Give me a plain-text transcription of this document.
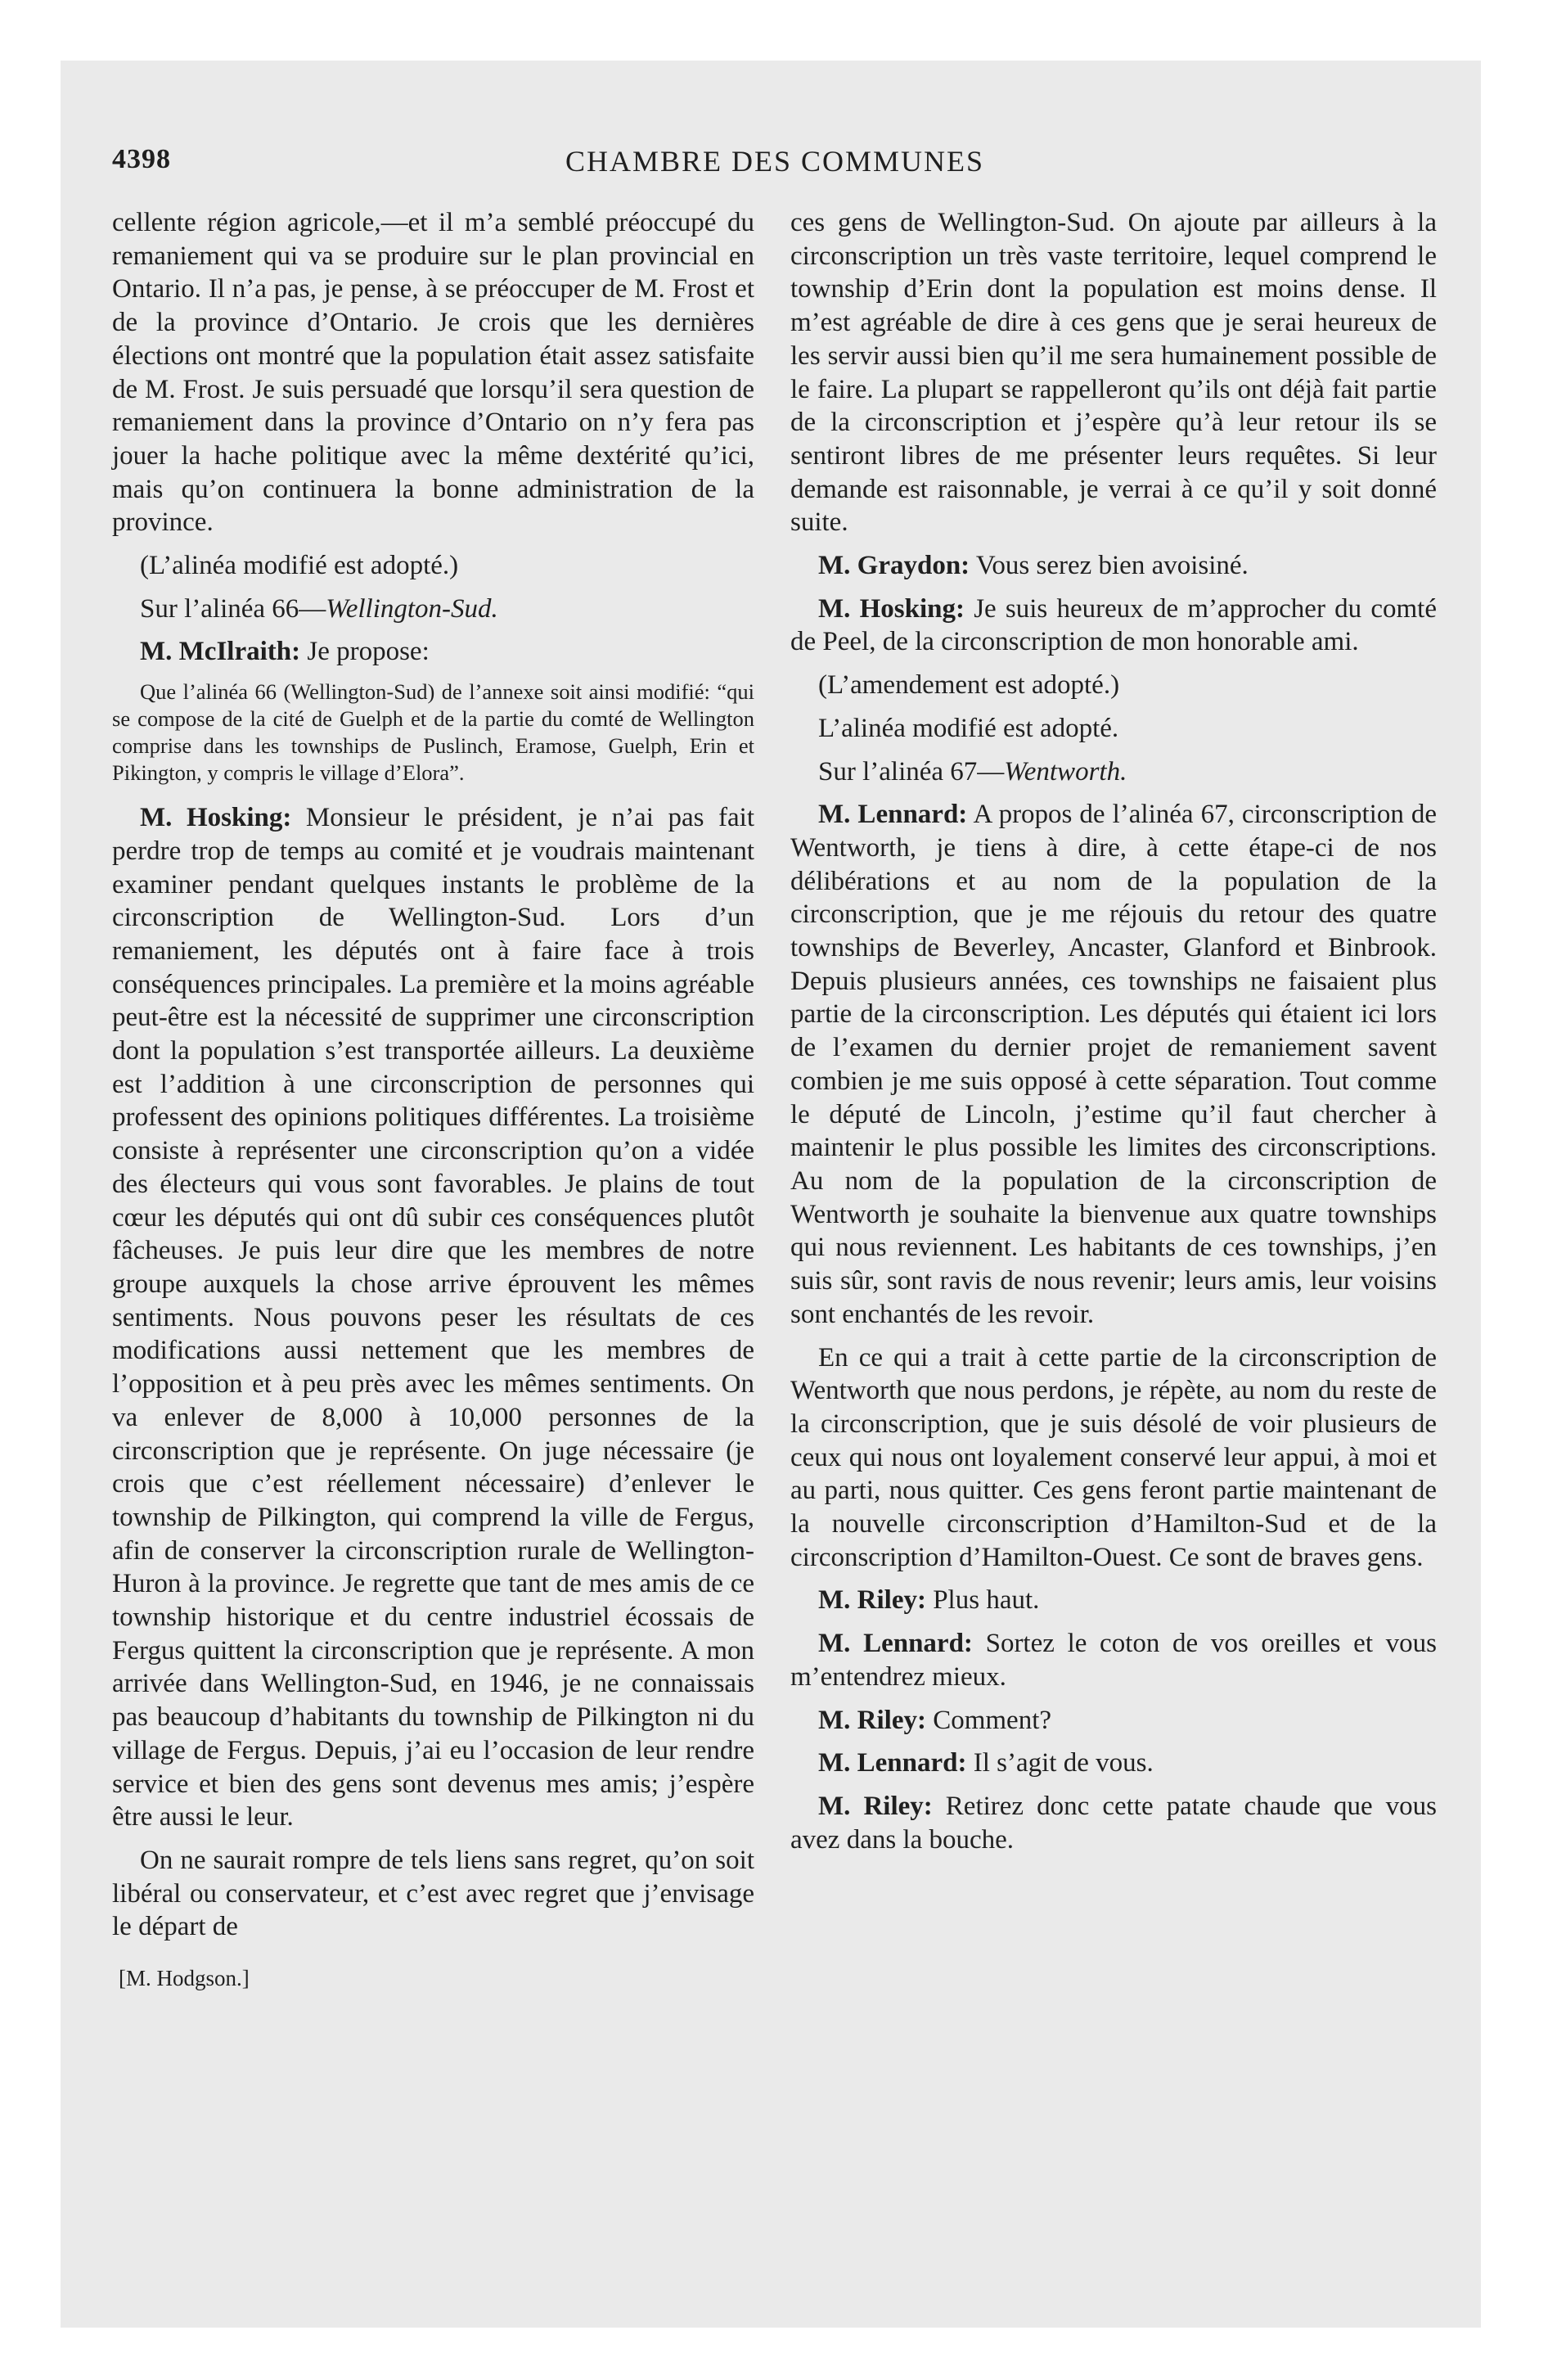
CHAMBRE DES COMMUNES
4398

cellente région agricole,—et il m’a semblé préoccupé du remaniement qui va se produire sur le plan provincial en Ontario. Il n’a pas, je pense, à se préoccuper de M. Frost et de la province d’Ontario. Je crois que les dernières élections ont montré que la population était assez satisfaite de M. Frost. Je suis persuadé que lorsqu’il sera question de remaniement dans la province d’Ontario on n’y fera pas jouer la hache politique avec la même dextérité qu’ici, mais qu’on continuera la bonne administration de la province.

(L’alinéa modifié est adopté.)

Sur l’alinéa 66—Wellington-Sud.

M. McIlraith: Je propose:

Que l’alinéa 66 (Wellington-Sud) de l’annexe soit ainsi modifié: “qui se compose de la cité de Guelph et de la partie du comté de Wellington comprise dans les townships de Puslinch, Eramose, Guelph, Erin et Pikington, y compris le village d’Elora”.

M. Hosking: Monsieur le président, je n’ai pas fait perdre trop de temps au comité et je voudrais maintenant examiner pendant quelques instants le problème de la circonscription de Wellington-Sud. Lors d’un remaniement, les députés ont à faire face à trois conséquences principales. La première et la moins agréable peut-être est la nécessité de supprimer une circonscription dont la population s’est transportée ailleurs. La deuxième est l’addition à une circonscription de personnes qui professent des opinions politiques différentes. La troisième consiste à représenter une circonscription qu’on a vidée des électeurs qui vous sont favorables. Je plains de tout cœur les députés qui ont dû subir ces conséquences plutôt fâcheuses. Je puis leur dire que les membres de notre groupe auxquels la chose arrive éprouvent les mêmes sentiments. Nous pouvons peser les résultats de ces modifications aussi nettement que les membres de l’opposition et à peu près avec les mêmes sentiments. On va enlever de 8,000 à 10,000 personnes de la circonscription que je représente. On juge nécessaire (je crois que c’est réellement nécessaire) d’enlever le township de Pilkington, qui comprend la ville de Fergus, afin de conserver la circonscription rurale de Wellington-Huron à la province. Je regrette que tant de mes amis de ce township historique et du centre industriel écossais de Fergus quittent la circonscription que je représente. A mon arrivée dans Wellington-Sud, en 1946, je ne connaissais pas beaucoup d’habitants du township de Pilkington ni du village de Fergus. Depuis, j’ai eu l’occasion de leur rendre service et bien des gens sont devenus mes amis; j’espère être aussi le leur.

On ne saurait rompre de tels liens sans regret, qu’on soit libéral ou conservateur, et c’est avec regret que j’envisage le départ de

[M. Hodgson.]

ces gens de Wellington-Sud. On ajoute par ailleurs à la circonscription un très vaste territoire, lequel comprend le township d’Erin dont la population est moins dense. Il m’est agréable de dire à ces gens que je serai heureux de les servir aussi bien qu’il me sera humainement possible de le faire. La plupart se rappelleront qu’ils ont déjà fait partie de la circonscription et j’espère qu’à leur retour ils se sentiront libres de me présenter leurs requêtes. Si leur demande est raisonnable, je verrai à ce qu’il y soit donné suite.

M. Graydon: Vous serez bien avoisiné.

M. Hosking: Je suis heureux de m’approcher du comté de Peel, de la circonscription de mon honorable ami.

(L’amendement est adopté.)

L’alinéa modifié est adopté.

Sur l’alinéa 67—Wentworth.

M. Lennard: A propos de l’alinéa 67, circonscription de Wentworth, je tiens à dire, à cette étape-ci de nos délibérations et au nom de la population de la circonscription, que je me réjouis du retour des quatre townships de Beverley, Ancaster, Glanford et Binbrook. Depuis plusieurs années, ces townships ne faisaient plus partie de la circonscription. Les députés qui étaient ici lors de l’examen du dernier projet de remaniement savent combien je me suis opposé à cette séparation. Tout comme le député de Lincoln, j’estime qu’il faut chercher à maintenir le plus possible les limites des circonscriptions. Au nom de la population de la circonscription de Wentworth je souhaite la bienvenue aux quatre townships qui nous reviennent. Les habitants de ces townships, j’en suis sûr, sont ravis de nous revenir; leurs amis, leur voisins sont enchantés de les revoir.

En ce qui a trait à cette partie de la circonscription de Wentworth que nous perdons, je répète, au nom du reste de la circonscription, que je suis désolé de voir plusieurs de ceux qui nous ont loyalement conservé leur appui, à moi et au parti, nous quitter. Ces gens feront partie maintenant de la nouvelle circonscription d’Hamilton-Sud et de la circonscription d’Hamilton-Ouest. Ce sont de braves gens.

M. Riley: Plus haut.

M. Lennard: Sortez le coton de vos oreilles et vous m’entendrez mieux.

M. Riley: Comment?

M. Lennard: Il s’agit de vous.

M. Riley: Retirez donc cette patate chaude que vous avez dans la bouche.
